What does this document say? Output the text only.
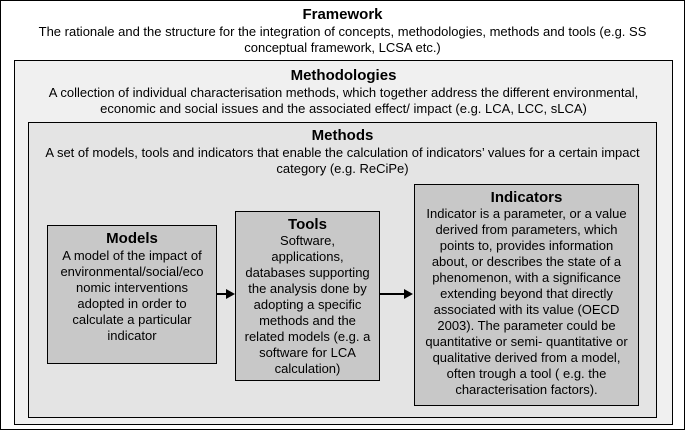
Framework
The rationale and the structure for the integration of concepts, methodologies, methods and tools (e.g. SS
conceptual framework, LCSA etc.)
Methodologies
A collection of individual characterisation methods, which together address the different environmental,
economic and social issues and the associated effect/ impact (e.g. LCA, LCC, sLCA)
Methods
A set of models, tools and indicators that enable the calculation of indicators’ values for a certain impact
category (e.g. ReCiPe)
Models
A model of the impact of
environmental/social/eco
nomic interventions
adopted in order to
calculate a particular
indicator
Tools
Software,
applications,
databases supporting
the analysis done by
adopting a specific
methods and the
related models (e.g. a
software for LCA
calculation)
Indicators
Indicator is a parameter, or a value
derived from parameters, which
points to, provides information
about, or describes the state of a
phenomenon, with a significance
extending beyond that directly
associated with its value (OECD
2003). The parameter could be
quantitative or semi- quantitative or
qualitative derived from a model,
often trough a tool ( e.g. the
characterisation factors).
